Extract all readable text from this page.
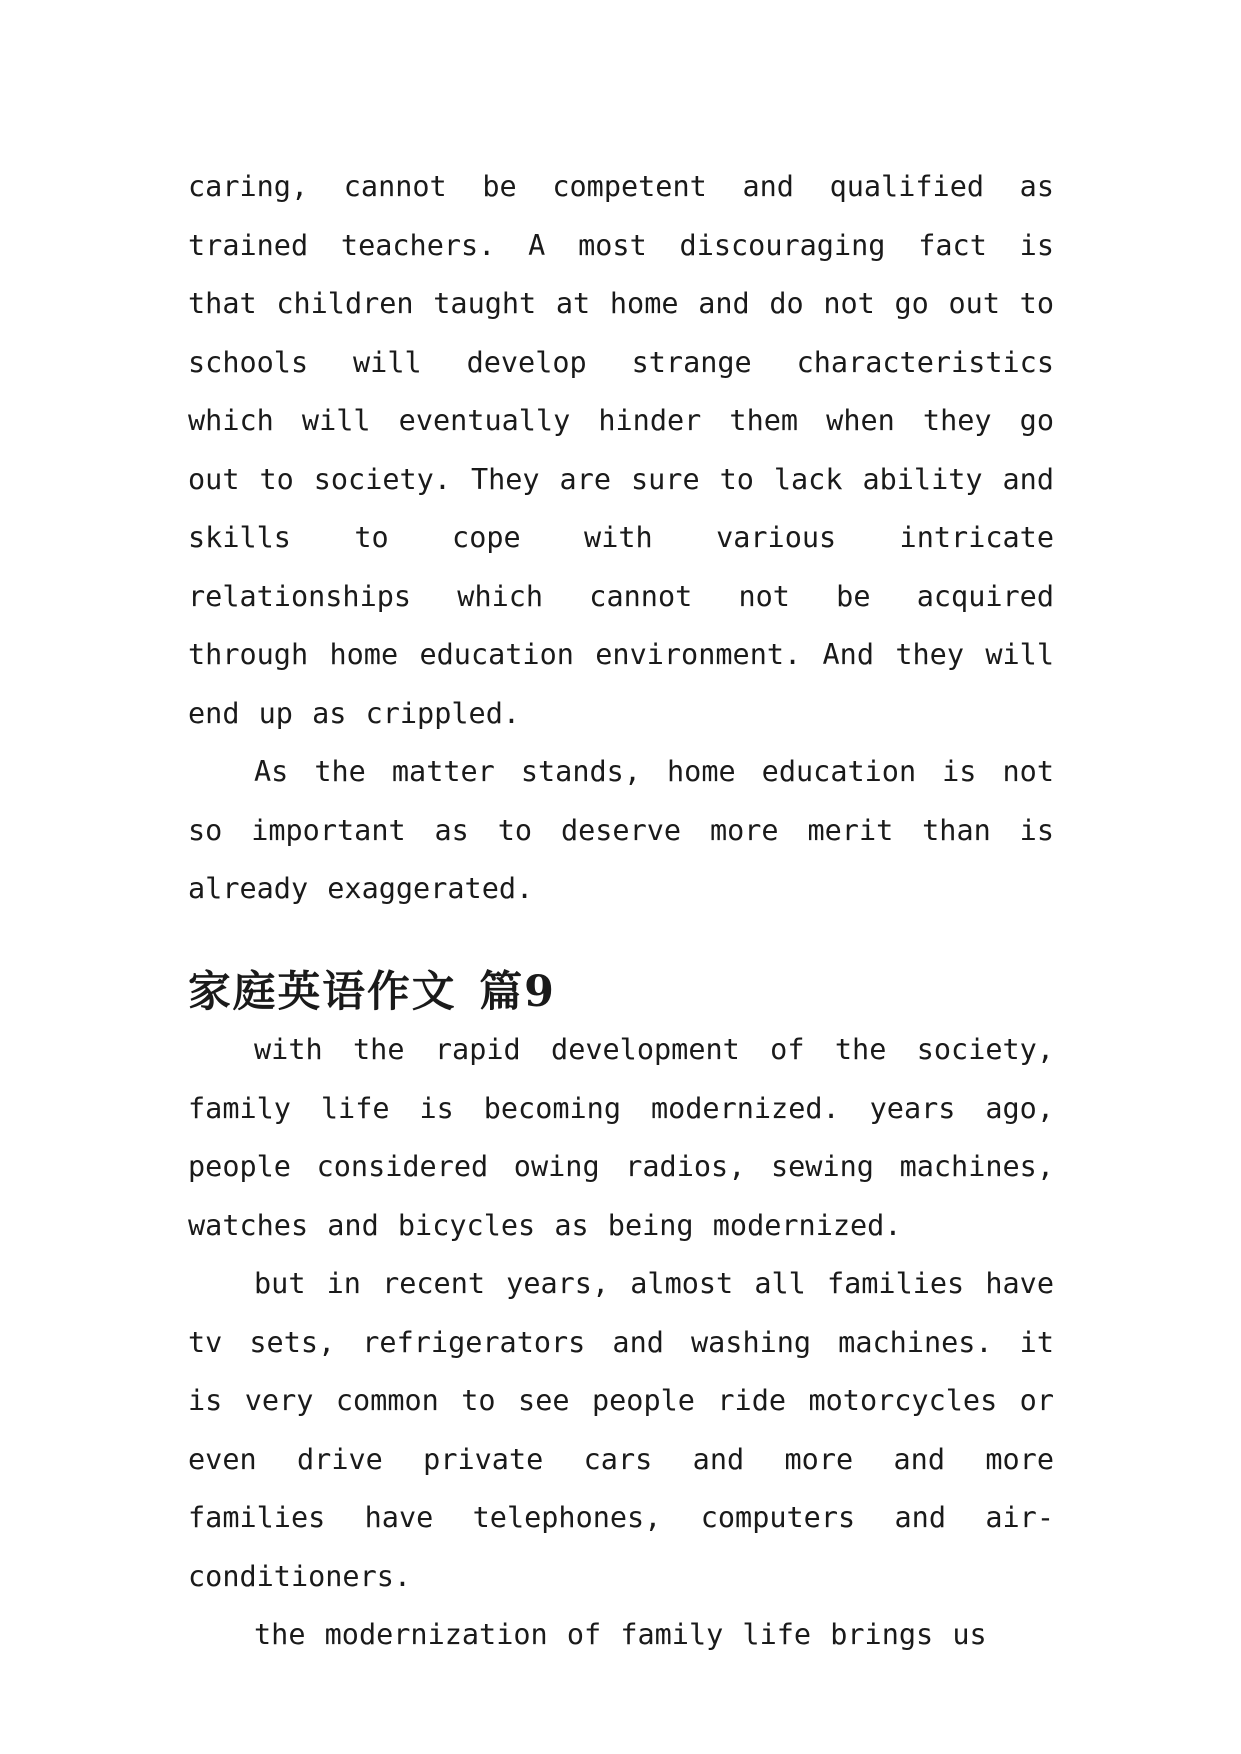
caring, cannot be competent and qualified as trained teachers. A most discouraging fact is that children taught at home and do not go out to schools will develop strange characteristics which will eventually hinder them when they go out to society. They are sure to lack ability and skills to cope with various intricate relationships which cannot not be acquired through home education environment. And they will end up as crippled.

As the matter stands, home education is not so important as to deserve more merit than is already exaggerated.

家庭英语作文 篇9

with the rapid development of the society, family life is becoming modernized. years ago, people considered owing radios, sewing machines, watches and bicycles as being modernized.

but in recent years, almost all families have tv sets, refrigerators and washing machines. it is very common to see people ride motorcycles or even drive private cars and more and more families have telephones, computers and air-conditioners.

the modernization of family life brings us
